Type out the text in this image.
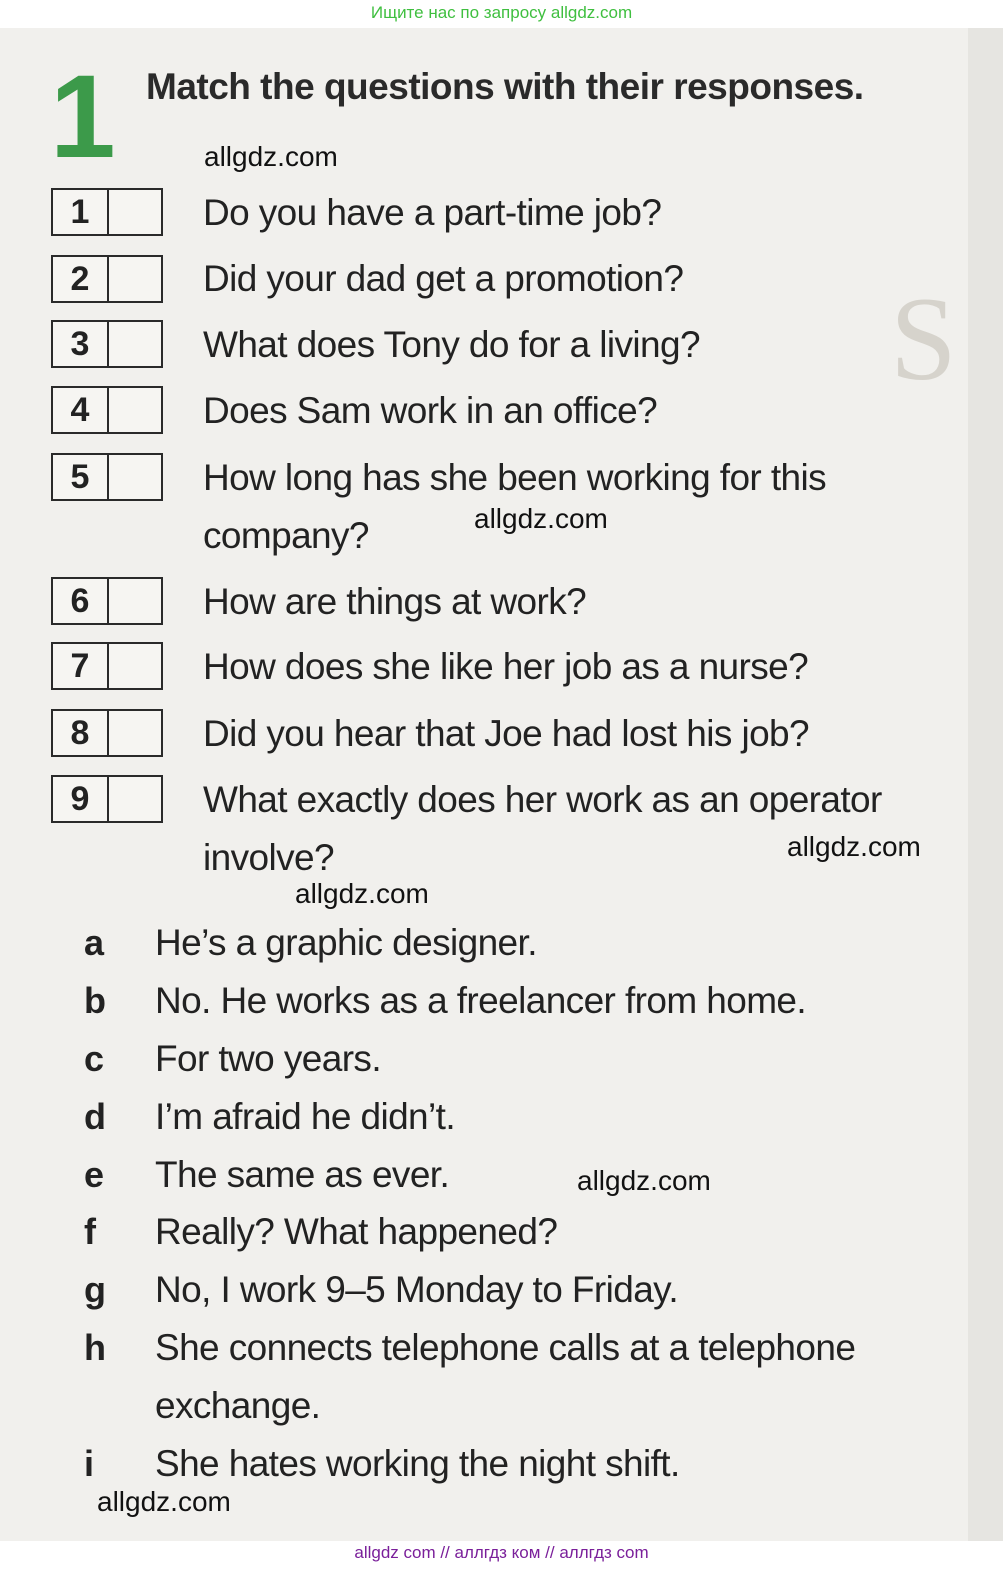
Ищите нас по запросу allgdz.com
S
1 Match the questions with their responses.
allgdz.com
allgdz.com
allgdz.com
allgdz.com
allgdz.com
allgdz.com
1	Do you have a part-time job?
2	Did your dad get a promotion?
3	What does Tony do for a living?
4	Does Sam work in an office?
5	How long has she been working for this
company?
6	How are things at work?
7	How does she like her job as a nurse?
8	Did you hear that Joe had lost his job?
9	What exactly does her work as an operator
involve?
a He’s a graphic designer.
b No. He works as a freelancer from home.
c For two years.
d I’m afraid he didn’t.
e The same as ever.
f Really? What happened?
g No, I work 9–5 Monday to Friday.
h She connects telephone calls at a telephone
exchange.
i She hates working the night shift.
allgdz com // аллгдз ком // аллгдз com
